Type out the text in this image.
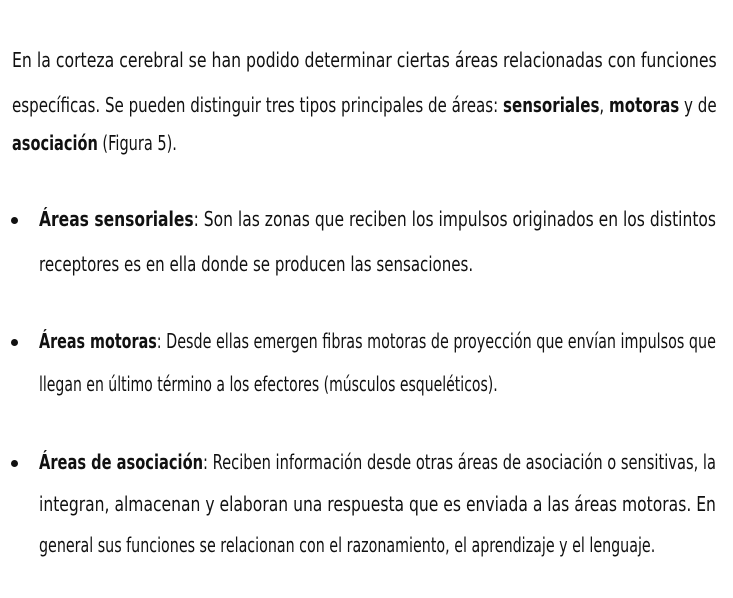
En la corteza cerebral se han podido determinar ciertas áreas relacionadas con funciones
específicas. Se pueden distinguir tres tipos principales de áreas: sensoriales, motoras y de
asociación (Figura 5).
Áreas sensoriales: Son las zonas que reciben los impulsos originados en los distintos
receptores es en ella donde se producen las sensaciones.
Áreas motoras: Desde ellas emergen fibras motoras de proyección que envían impulsos que
llegan en último término a los efectores (músculos esqueléticos).
Áreas de asociación: Reciben información desde otras áreas de asociación o sensitivas, la
integran, almacenan y elaboran una respuesta que es enviada a las áreas motoras. En
general sus funciones se relacionan con el razonamiento, el aprendizaje y el lenguaje.
